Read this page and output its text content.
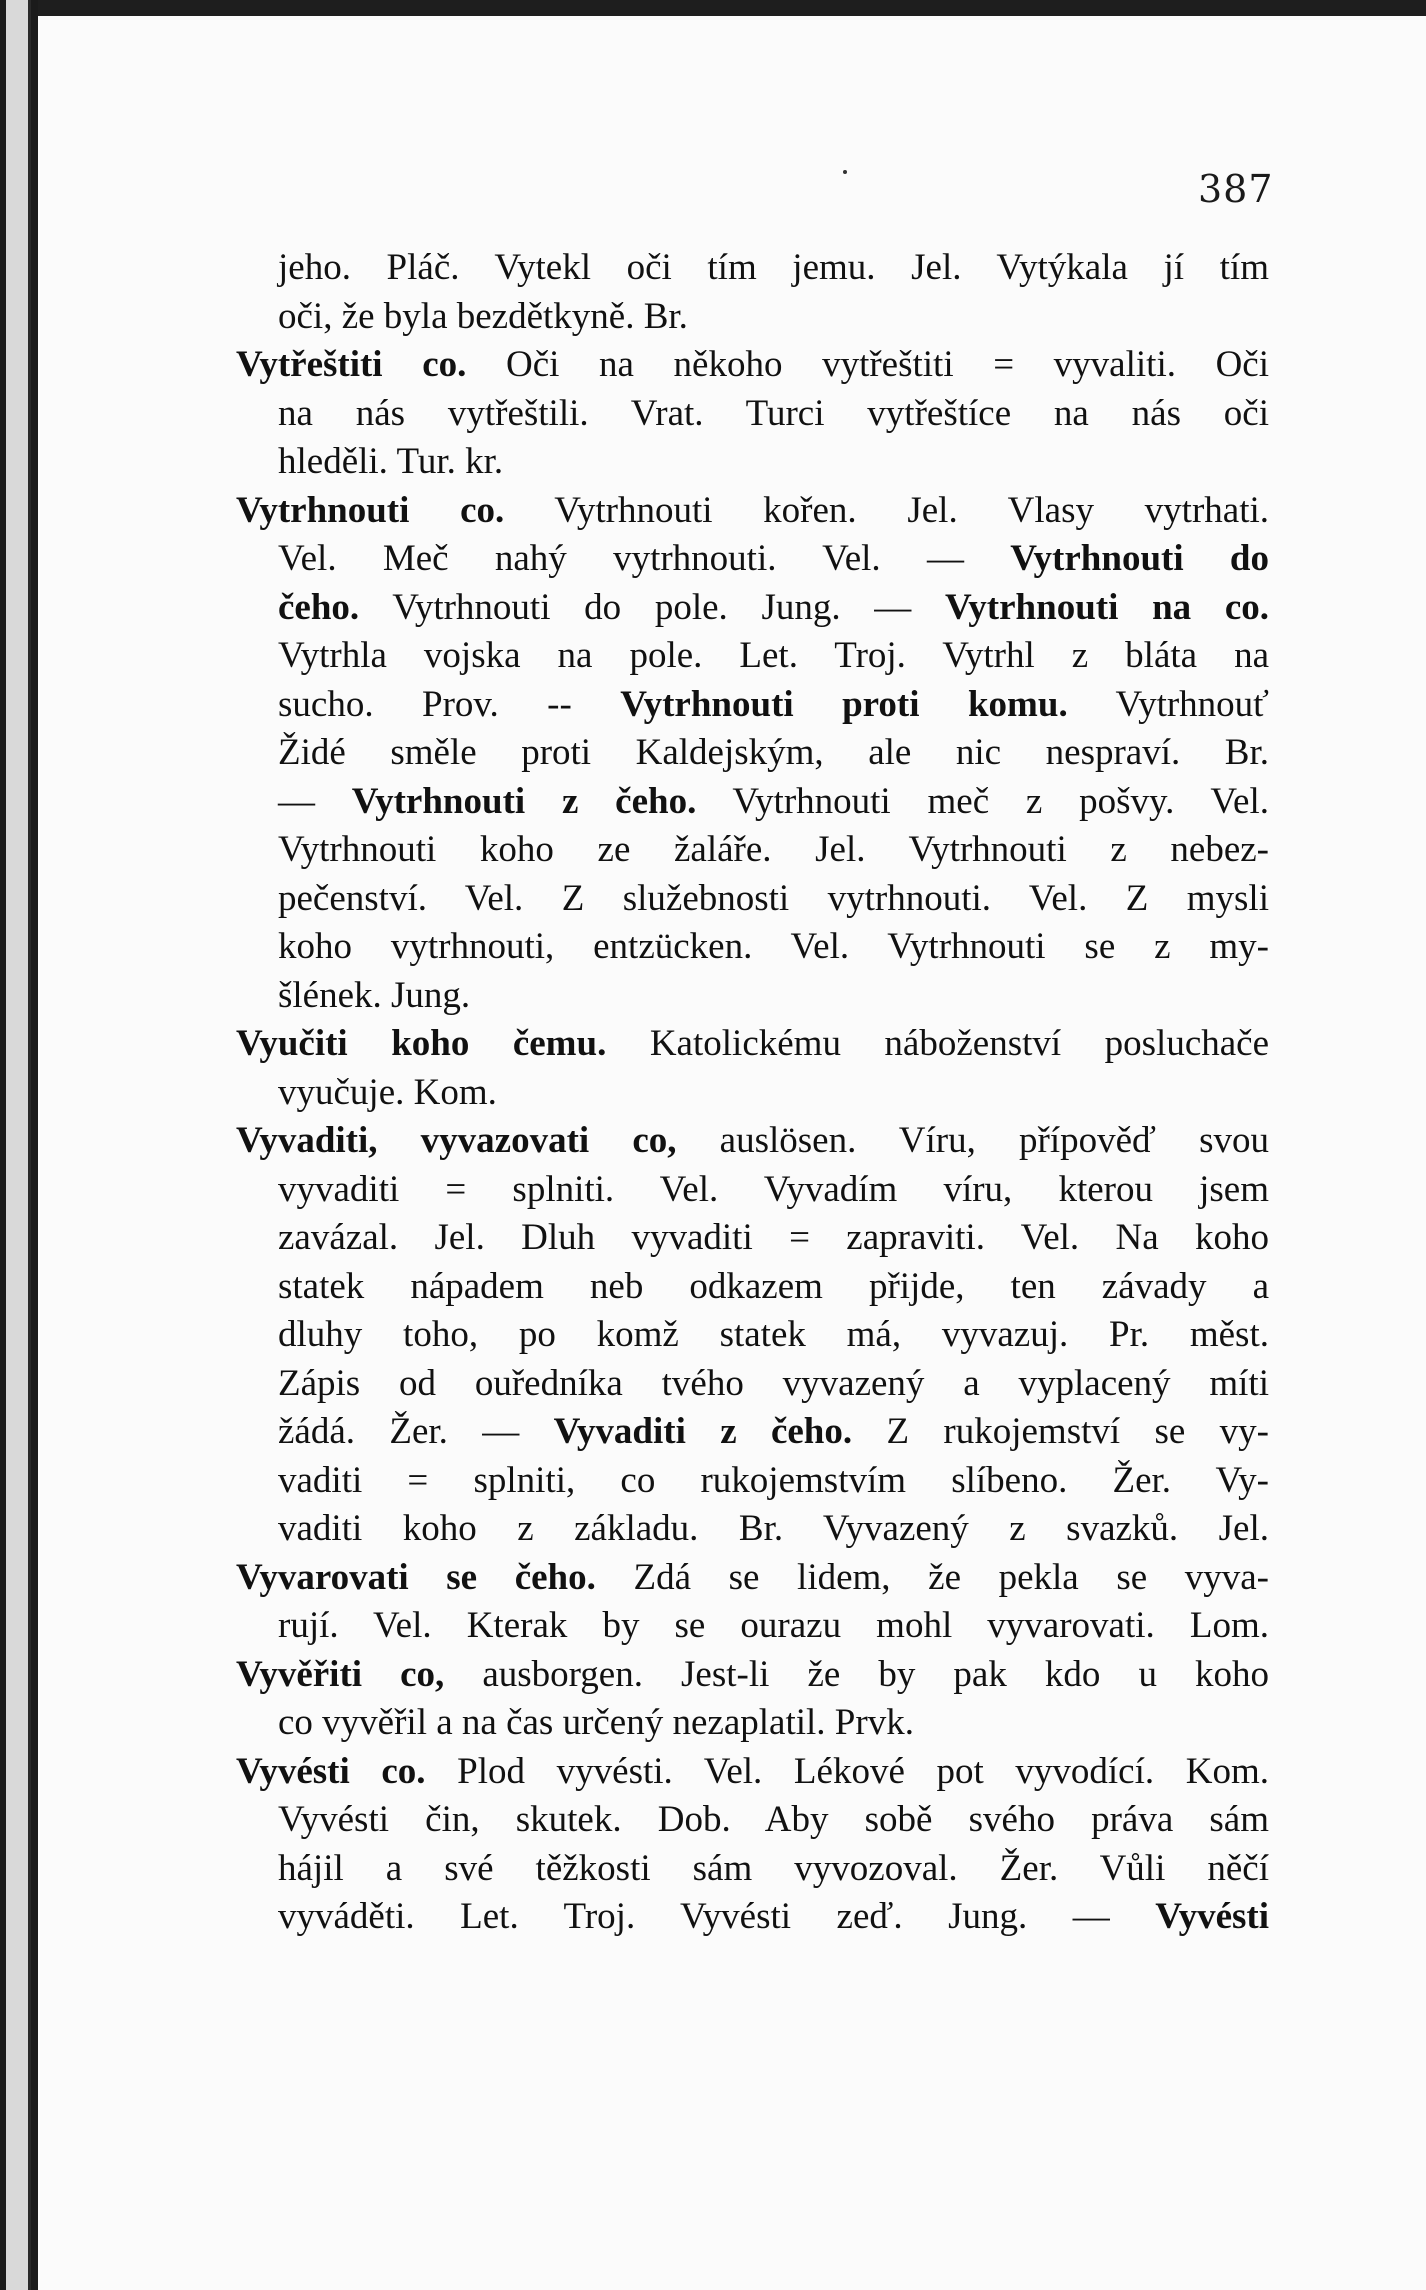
387
jeho. Pláč. Vytekl oči tím jemu. Jel. Vytýkala jí tím
oči, že byla bezdětkyně. Br.
Vytřeštiti co. Oči na někoho vytřeštiti = vyvaliti. Oči
na nás vytřeštili. Vrat. Turci vytřeštíce na nás oči
hleděli. Tur. kr.
Vytrhnouti co. Vytrhnouti kořen. Jel. Vlasy vytrhati.
Vel. Meč nahý vytrhnouti. Vel. — Vytrhnouti do
čeho. Vytrhnouti do pole. Jung. — Vytrhnouti na co.
Vytrhla vojska na pole. Let. Troj. Vytrhl z bláta na
sucho. Prov. -- Vytrhnouti proti komu. Vytrhnouť
Židé směle proti Kaldejským, ale nic nespraví. Br.
— Vytrhnouti z čeho. Vytrhnouti meč z pošvy. Vel.
Vytrhnouti koho ze žaláře. Jel. Vytrhnouti z nebez-
pečenství. Vel. Z služebnosti vytrhnouti. Vel. Z mysli
koho vytrhnouti, entzücken. Vel. Vytrhnouti se z my-
šlének. Jung.
Vyučiti koho čemu. Katolickému náboženství posluchače
vyučuje. Kom.
Vyvaditi, vyvazovati co, auslösen. Víru, přípověď svou
vyvaditi = splniti. Vel. Vyvadím víru, kterou jsem
zavázal. Jel. Dluh vyvaditi = zapraviti. Vel. Na koho
statek nápadem neb odkazem přijde, ten závady a
dluhy toho, po komž statek má, vyvazuj. Pr. měst.
Zápis od ouředníka tvého vyvazený a vyplacený míti
žádá. Žer. — Vyvaditi z čeho. Z rukojemství se vy-
vaditi = splniti, co rukojemstvím slíbeno. Žer. Vy-
vaditi koho z základu. Br. Vyvazený z svazků. Jel.
Vyvarovati se čeho. Zdá se lidem, že pekla se vyva-
rují. Vel. Kterak by se ourazu mohl vyvarovati. Lom.
Vyvěřiti co, ausborgen. Jest-li že by pak kdo u koho
co vyvěřil a na čas určený nezaplatil. Prvk.
Vyvésti co. Plod vyvésti. Vel. Lékové pot vyvodící. Kom.
Vyvésti čin, skutek. Dob. Aby sobě svého práva sám
hájil a své těžkosti sám vyvozoval. Žer. Vůli něčí
vyváděti. Let. Troj. Vyvésti zeď. Jung. — Vyvésti
